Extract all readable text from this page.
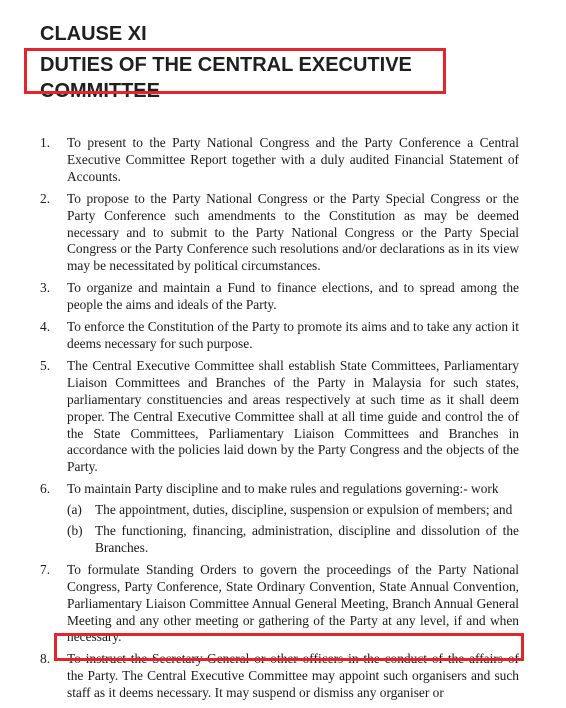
CLAUSE XI
DUTIES OF THE CENTRAL EXECUTIVE COMMITTEE
1. To present to the Party National Congress and the Party Conference a Central Executive Committee Report together with a duly audited Financial Statement of Accounts.
2. To propose to the Party National Congress or the Party Special Congress or the Party Conference such amendments to the Constitution as may be deemed necessary and to submit to the Party National Congress or the Party Special Congress or the Party Conference such resolutions and/or declarations as in its view may be necessitated by political circumstances.
3. To organize and maintain a Fund to finance elections, and to spread among the people the aims and ideals of the Party.
4. To enforce the Constitution of the Party to promote its aims and to take any action it deems necessary for such purpose.
5. The Central Executive Committee shall establish State Committees, Parliamentary Liaison Committees and Branches of the Party in Malaysia for such states, parliamentary constituencies and areas respectively at such time as it shall deem proper. The Central Executive Committee shall at all time guide and control the of the State Committees, Parliamentary Liaison Committees and Branches in accordance with the policies laid down by the Party Congress and the objects of the Party.
6. To maintain Party discipline and to make rules and regulations governing:- work
(a) The appointment, duties, discipline, suspension or expulsion of members; and
(b) The functioning, financing, administration, discipline and dissolution of the Branches.
7. To formulate Standing Orders to govern the proceedings of the Party National Congress, Party Conference, State Ordinary Convention, State Annual Convention, Parliamentary Liaison Committee Annual General Meeting, Branch Annual General Meeting and any other meeting or gathering of the Party at any level, if and when necessary.
8. To instruct the Secretary-General or other officers in the conduct of the affairs of the Party. The Central Executive Committee may appoint such organisers and such staff as it deems necessary. It may suspend or dismiss any organiser or
